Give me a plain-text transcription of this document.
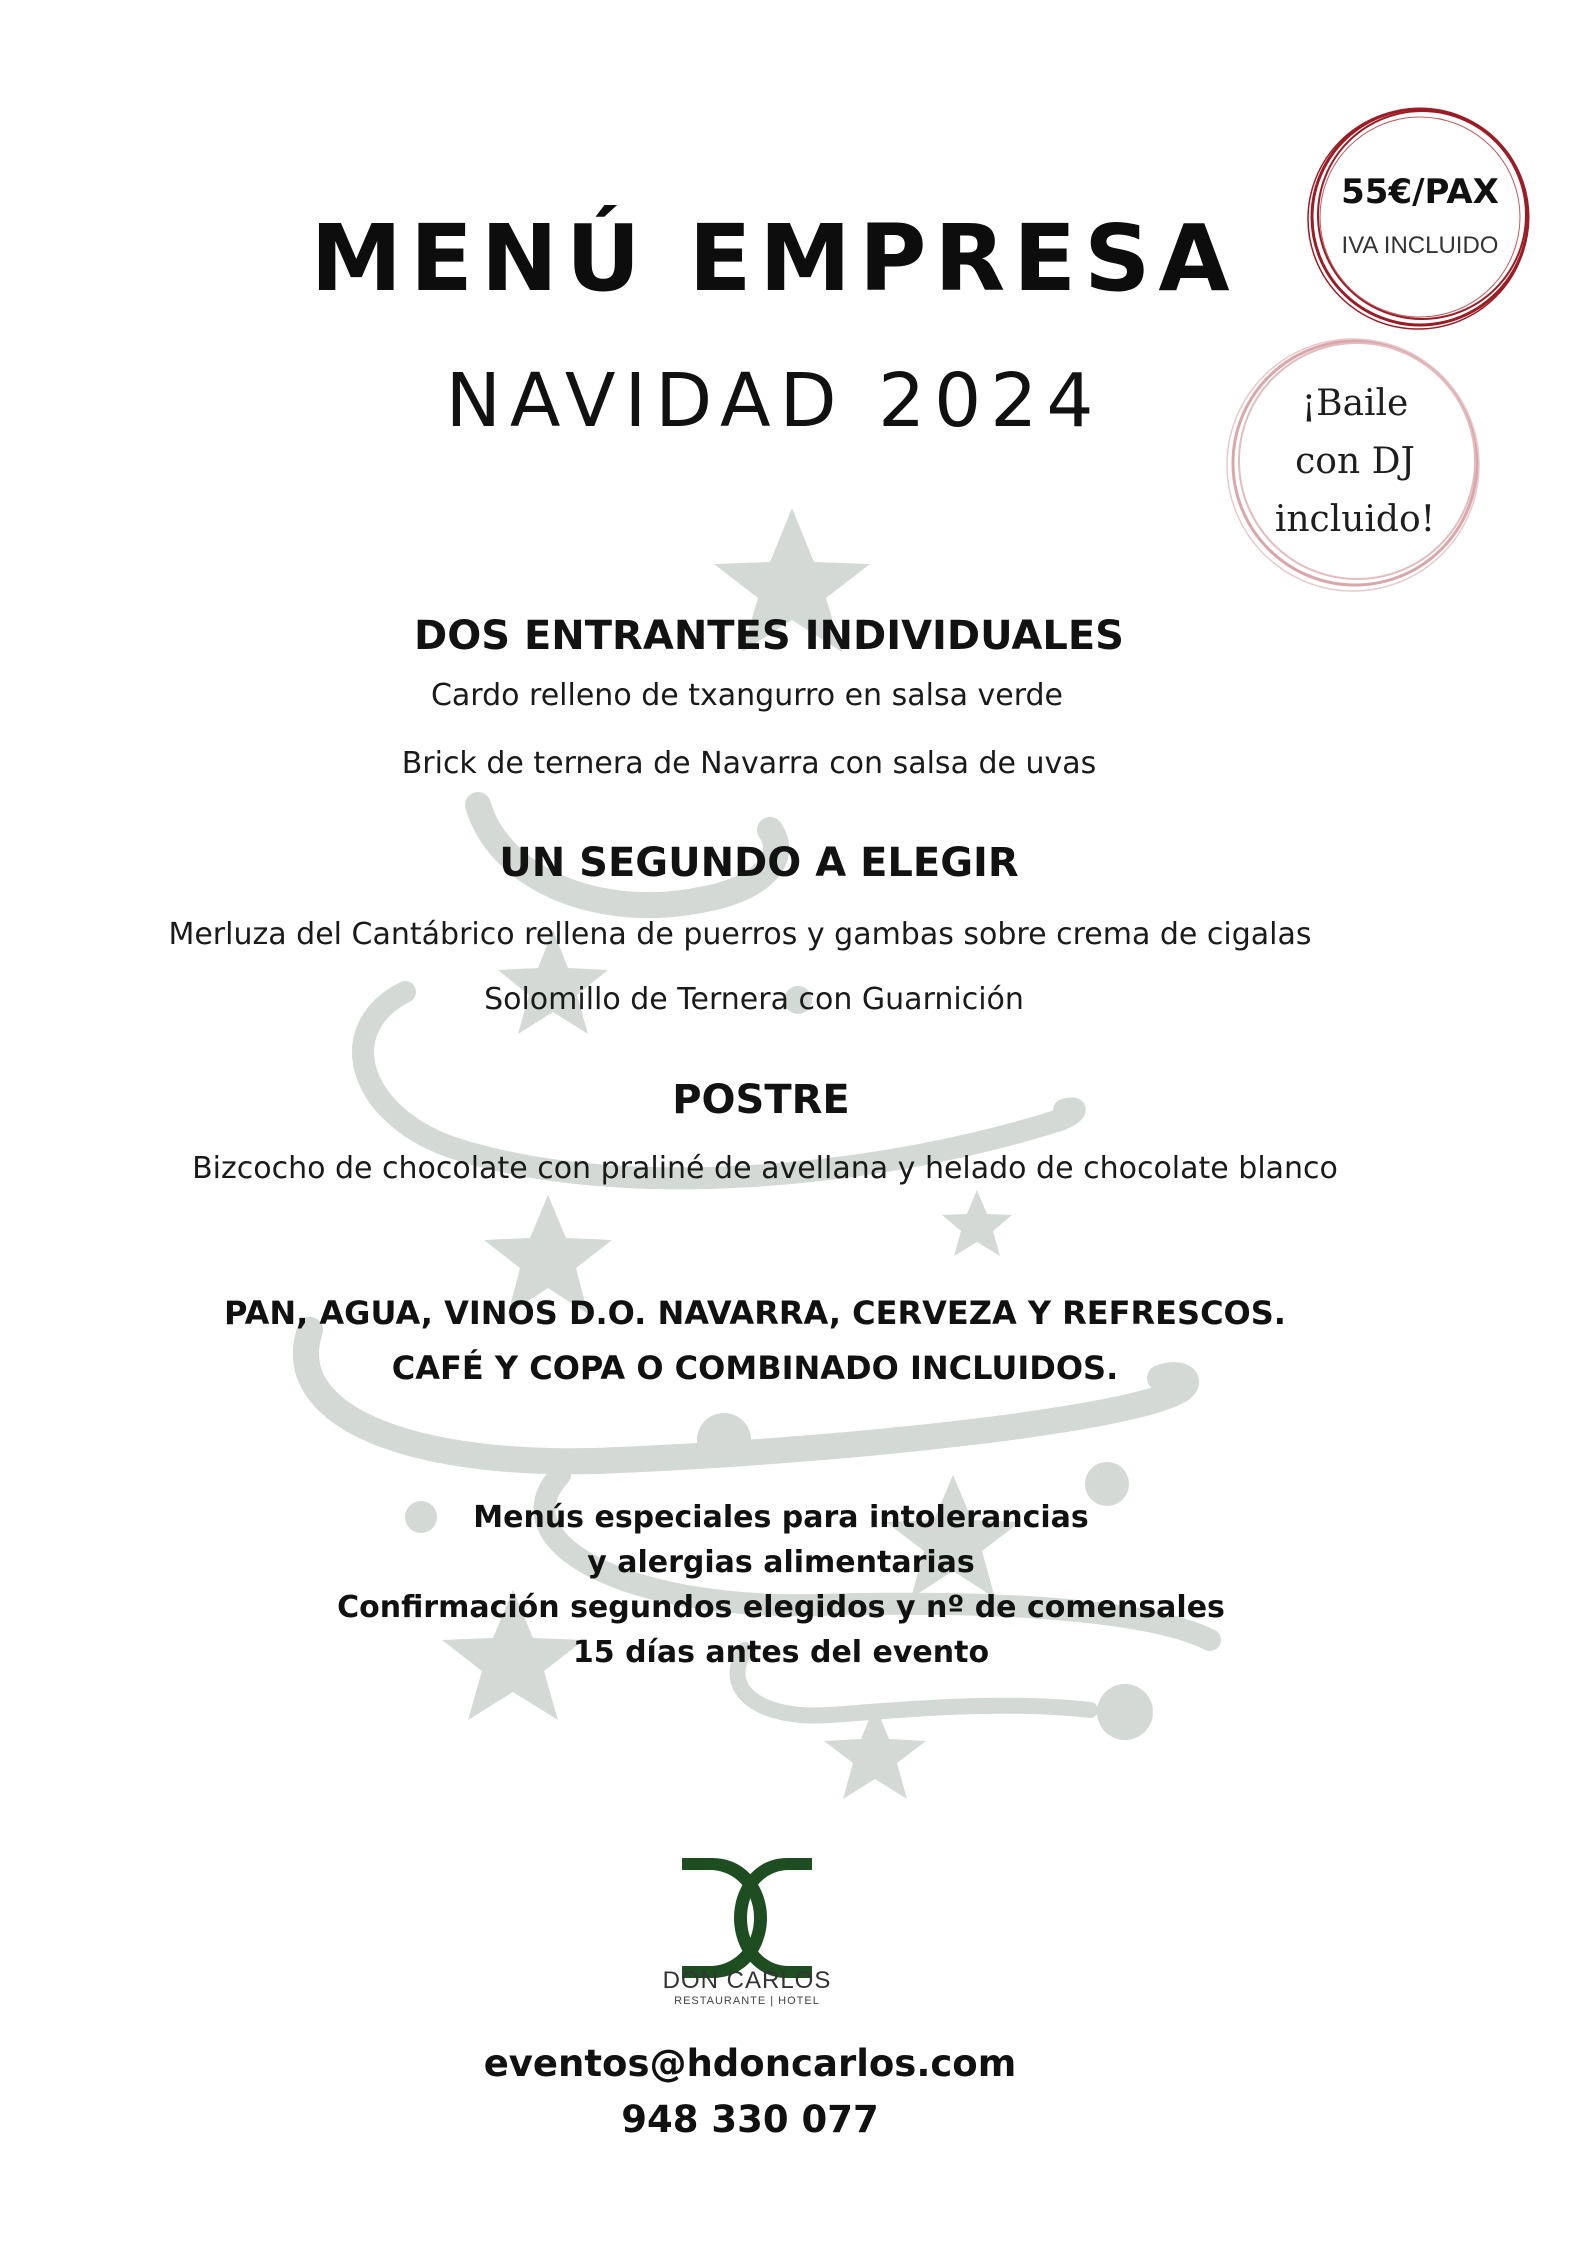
MENÚ EMPRESA
NAVIDAD 2024
55€/PAX
IVA INCLUIDO
¡Baile
con DJ
incluido!
DOS ENTRANTES INDIVIDUALES

Cardo relleno de txangurro en salsa verde

Brick de ternera de Navarra con salsa de uvas

UN SEGUNDO A ELEGIR

Merluza del Cantábrico rellena de puerros y gambas sobre crema de cigalas

Solomillo de Ternera con Guarnición

POSTRE

Bizcocho de chocolate con praliné de avellana y helado de chocolate blanco

PAN, AGUA, VINOS D.O. NAVARRA, CERVEZA Y REFRESCOS.

CAFÉ Y COPA O COMBINADO INCLUIDOS.

Menús especiales para intolerancias

y alergias alimentarias

Confirmación segundos elegidos y nº de comensales

15 días antes del evento

DON CARLOS
RESTAURANTE | HOTEL

eventos@hdoncarlos.com

948 330 077
